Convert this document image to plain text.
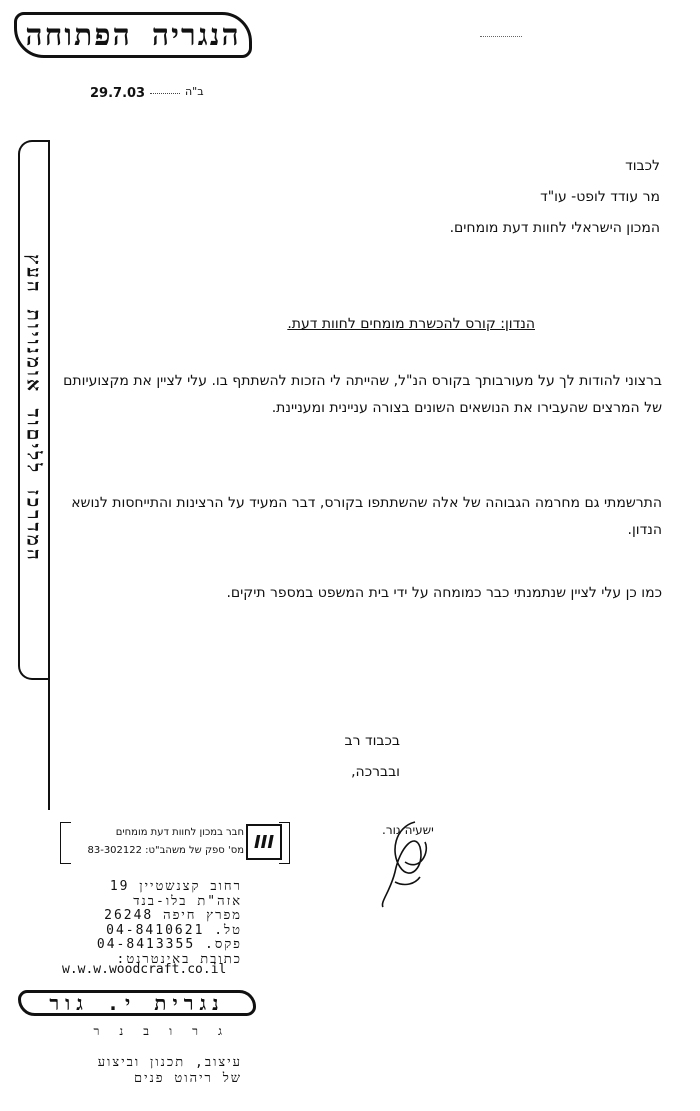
הנגריה הפתוחה
29.7.03	ב"ה
המדרכז לליםוד אומנויות העץ
לכבוד
מר עודד לופט- עו"ד
המכון הישראלי לחוות דעת מומחים.
הנדון: קורס להכשרת מומחים לחוות דעת.
ברצוני להודות לך על מעורבותך בקורס הנ"ל, שהייתה לי הזכות להשתתף בו. עלי לציין את מקצועיותם של המרצים שהעבירו את הנושאים השונים בצורה עניינית ומעניינת.
התרשמתי גם מחרמה הגבוהה של אלה שהשתתפו בקורס, דבר המעיד על הרצינות והתייחסות לנושא הנדון.
כמו כן עלי לציין שנתמנתי כבר כמומחה על ידי בית המשפט במספר תיקים.
בכבוד רב
ובברכה,
ישעיה גור.
III
חבר במכון לחוות דעת מומחים
מס' ספק של משהב"ט: 83-302122
רחוב קצנשטיין 19
אזה"ת בלו-בנד
מפרץ חיפה 26248
טל. 04-8410621
פקס. 04-8413355
כתובת באינטרנט:
w.w.w.woodcraft.co.il
נגרית י. גור
גרובנר
עיצוב, תכנון וביצוע
של ריהוט פנים
